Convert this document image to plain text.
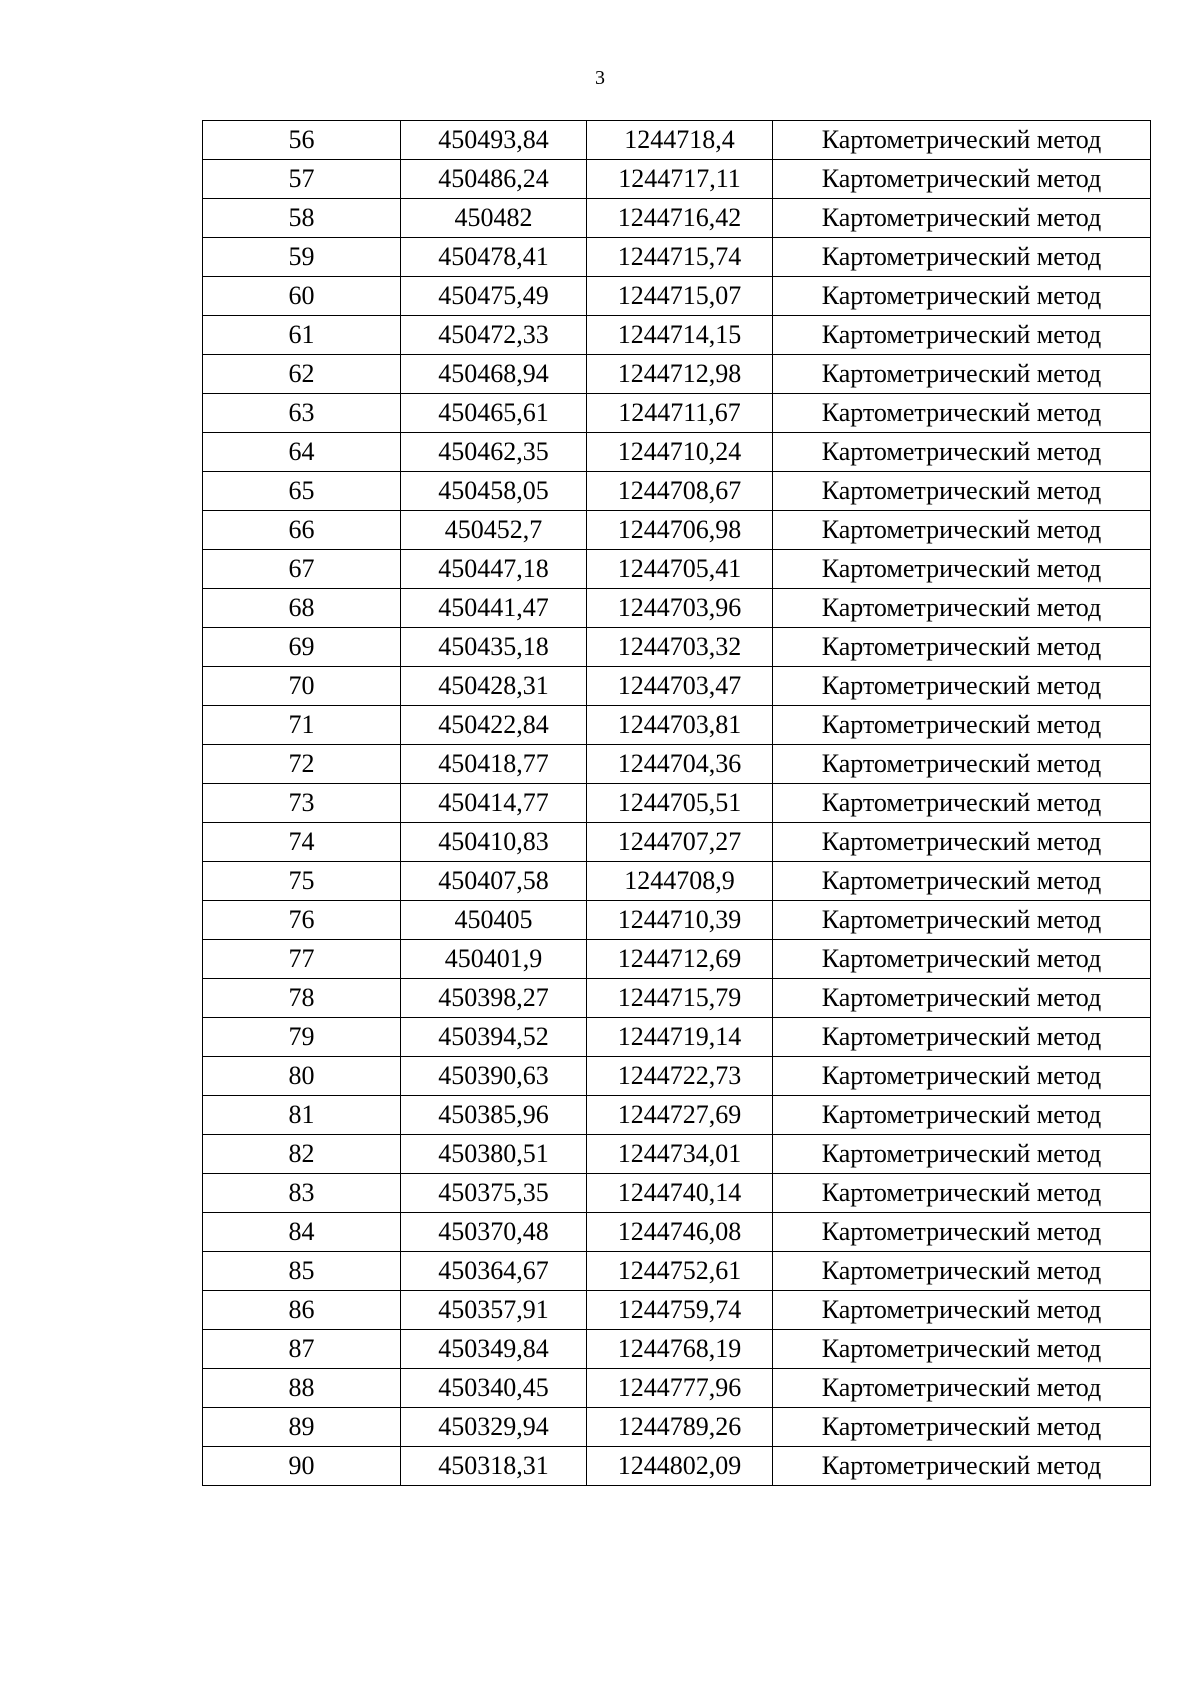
3
56	450493,84	1244718,4	Картометрический метод
57	450486,24	1244717,11	Картометрический метод
58	450482	1244716,42	Картометрический метод
59	450478,41	1244715,74	Картометрический метод
60	450475,49	1244715,07	Картометрический метод
61	450472,33	1244714,15	Картометрический метод
62	450468,94	1244712,98	Картометрический метод
63	450465,61	1244711,67	Картометрический метод
64	450462,35	1244710,24	Картометрический метод
65	450458,05	1244708,67	Картометрический метод
66	450452,7	1244706,98	Картометрический метод
67	450447,18	1244705,41	Картометрический метод
68	450441,47	1244703,96	Картометрический метод
69	450435,18	1244703,32	Картометрический метод
70	450428,31	1244703,47	Картометрический метод
71	450422,84	1244703,81	Картометрический метод
72	450418,77	1244704,36	Картометрический метод
73	450414,77	1244705,51	Картометрический метод
74	450410,83	1244707,27	Картометрический метод
75	450407,58	1244708,9	Картометрический метод
76	450405	1244710,39	Картометрический метод
77	450401,9	1244712,69	Картометрический метод
78	450398,27	1244715,79	Картометрический метод
79	450394,52	1244719,14	Картометрический метод
80	450390,63	1244722,73	Картометрический метод
81	450385,96	1244727,69	Картометрический метод
82	450380,51	1244734,01	Картометрический метод
83	450375,35	1244740,14	Картометрический метод
84	450370,48	1244746,08	Картометрический метод
85	450364,67	1244752,61	Картометрический метод
86	450357,91	1244759,74	Картометрический метод
87	450349,84	1244768,19	Картометрический метод
88	450340,45	1244777,96	Картометрический метод
89	450329,94	1244789,26	Картометрический метод
90	450318,31	1244802,09	Картометрический метод
